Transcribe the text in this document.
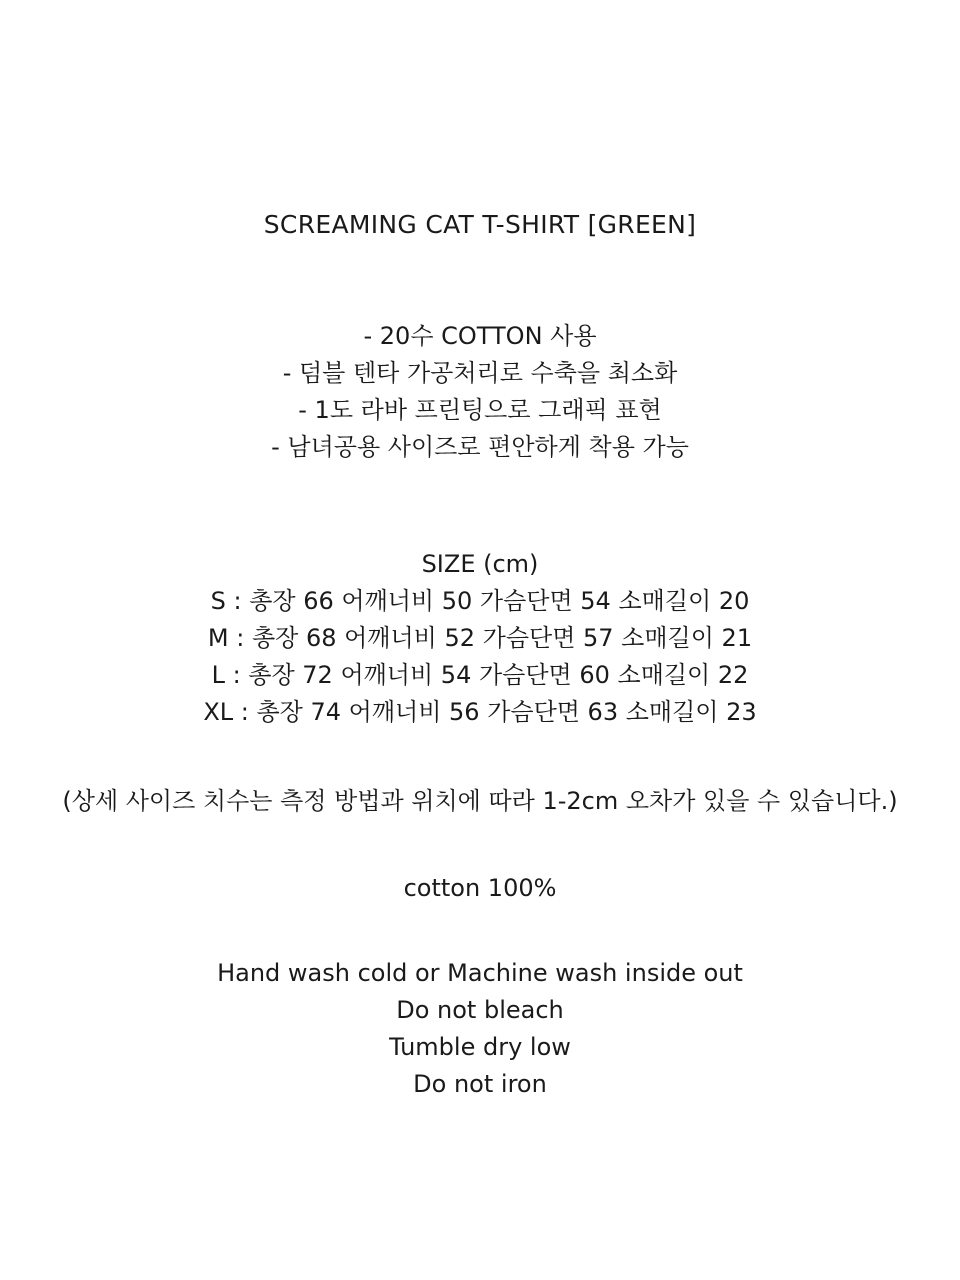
SCREAMING CAT T-SHIRT [GREEN]

- 20수 COTTON 사용

- 덤블 텐타 가공처리로 수축을 최소화

- 1도 라바 프린팅으로 그래픽 표현

- 남녀공용 사이즈로 편안하게 착용 가능

SIZE (cm)

S : 총장 66 어깨너비 50 가슴단면 54 소매길이 20

M : 총장 68 어깨너비 52 가슴단면 57 소매길이 21

L : 총장 72 어깨너비 54 가슴단면 60 소매길이 22

XL : 총장 74 어깨너비 56 가슴단면 63 소매길이 23

(상세 사이즈 치수는 측정 방법과 위치에 따라 1-2cm 오차가 있을 수 있습니다.)

cotton 100%

Hand wash cold or Machine wash inside out

Do not bleach

Tumble dry low

Do not iron
